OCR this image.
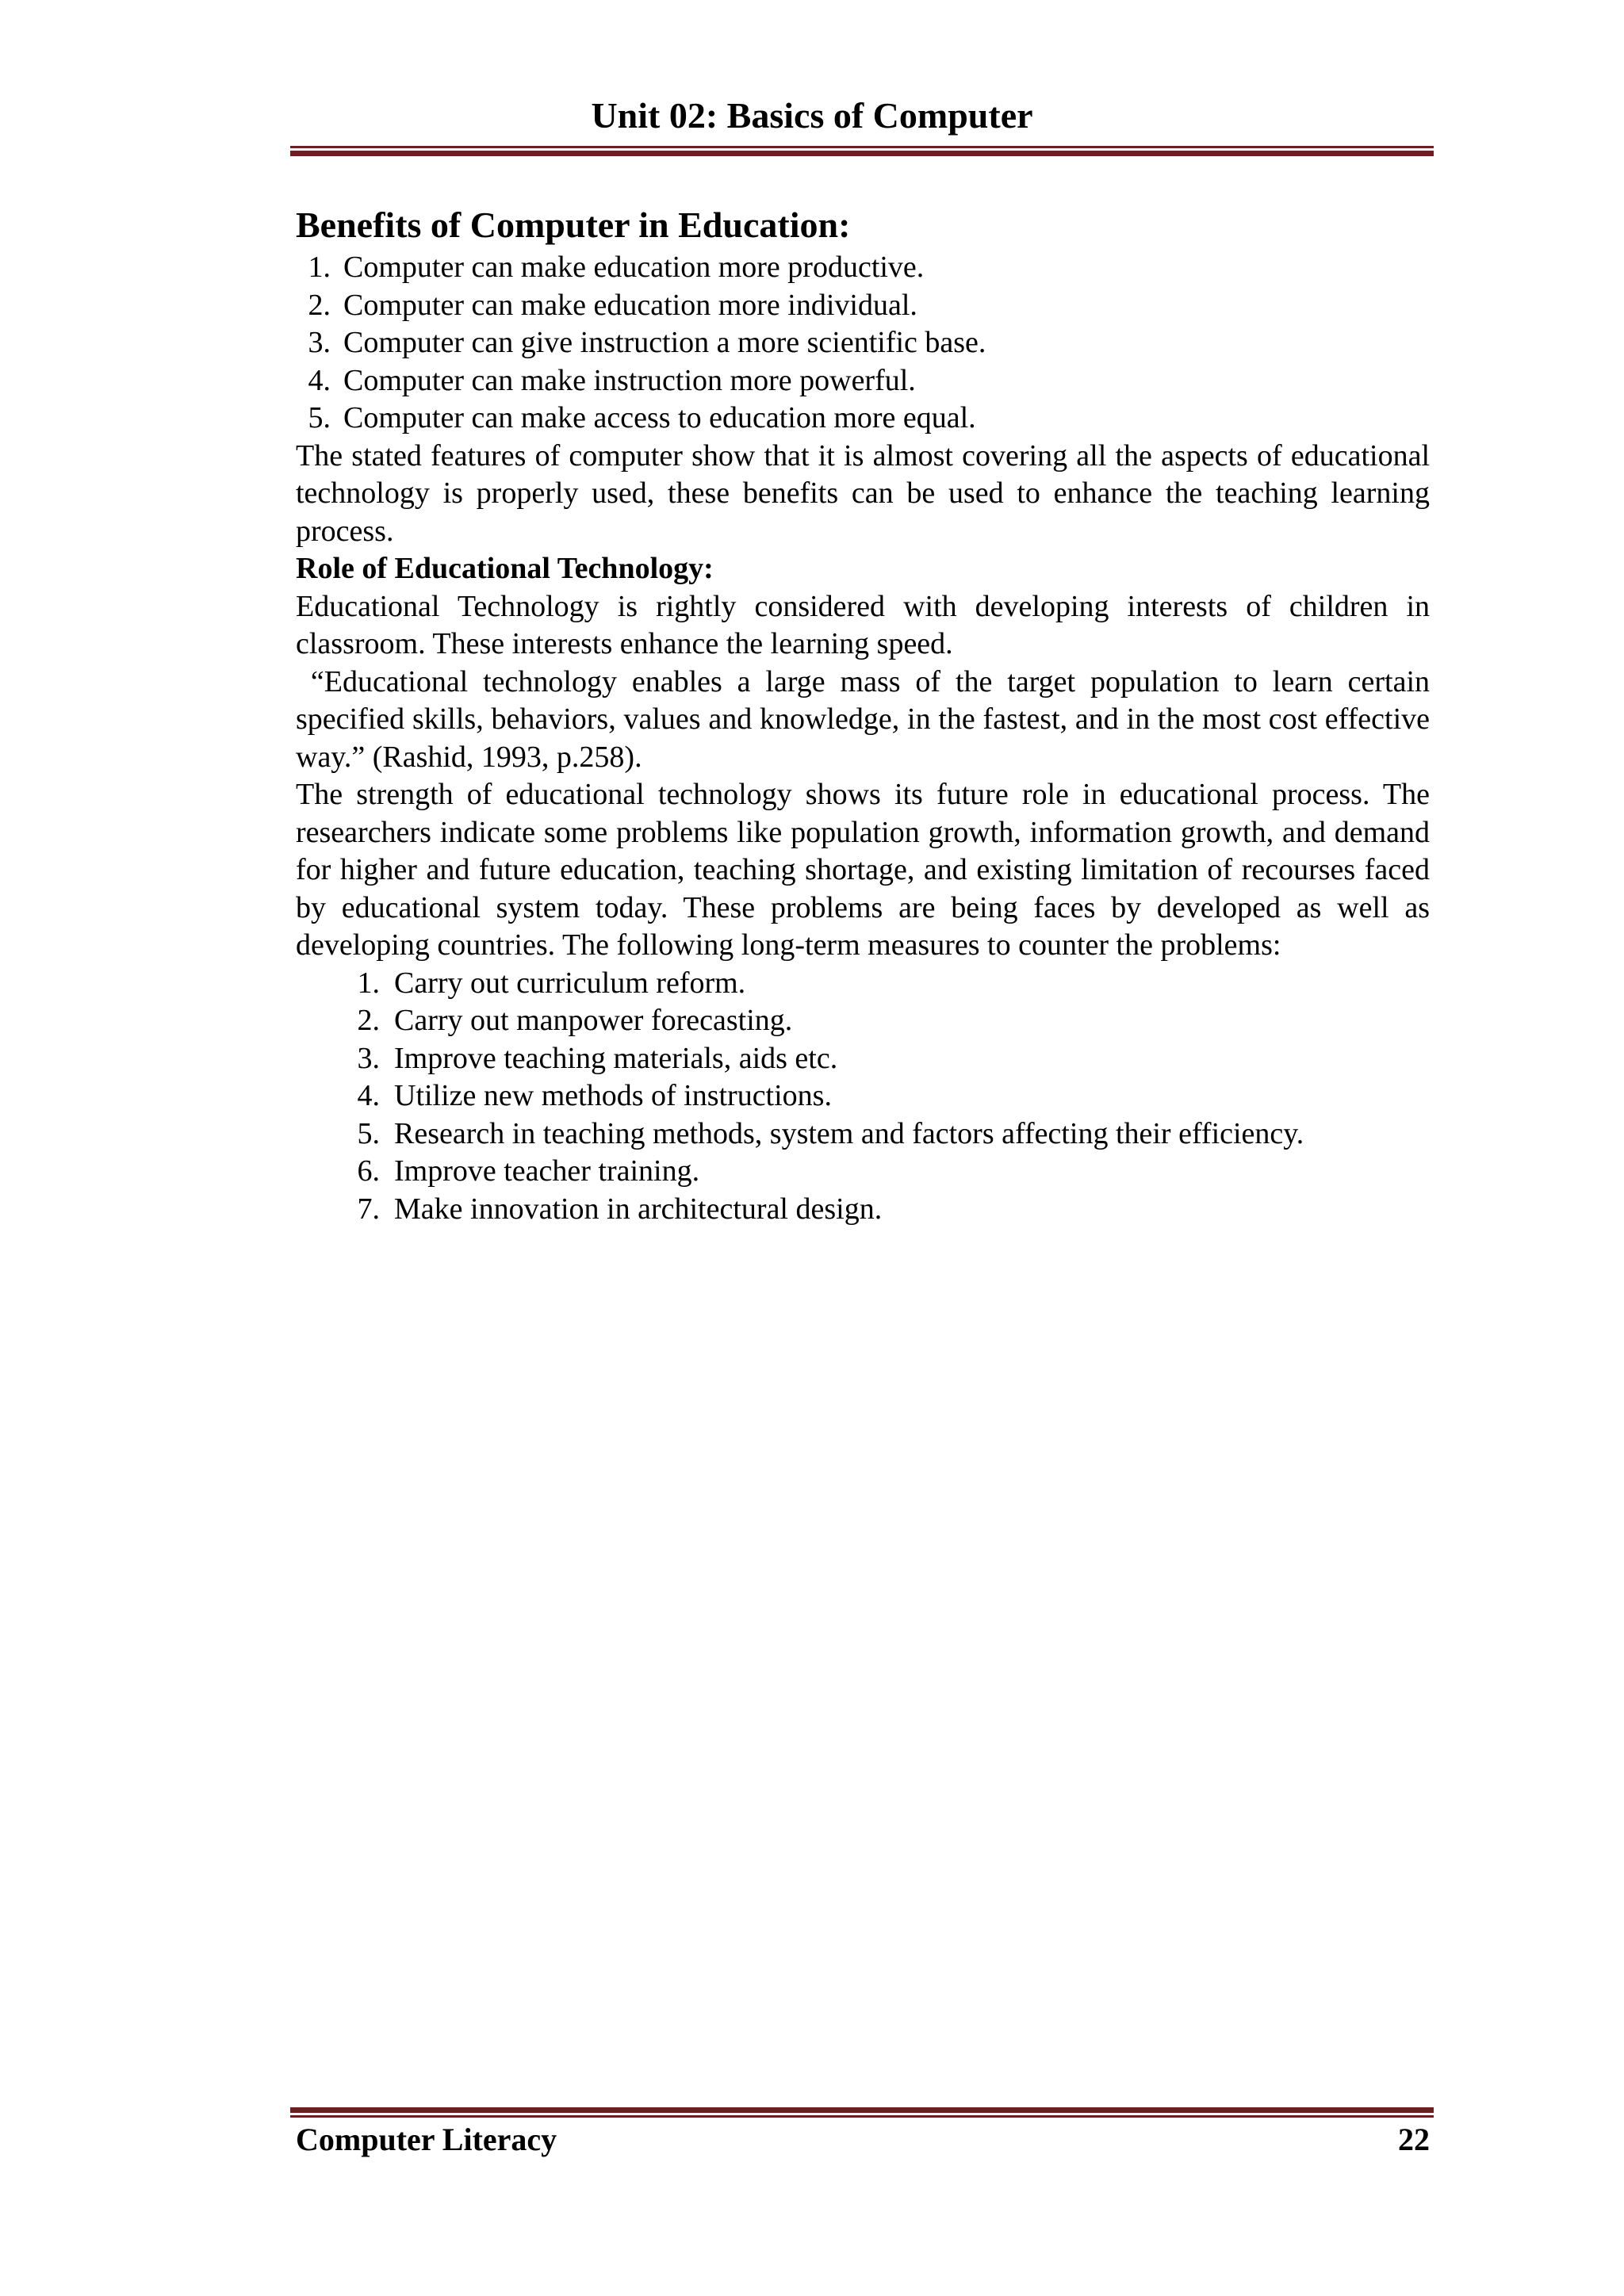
Unit 02: Basics of Computer
Benefits of Computer in Education:
1. Computer can make education more productive.
2. Computer can make education more individual.
3. Computer can give instruction a more scientific base.
4. Computer can make instruction more powerful.
5. Computer can make access to education more equal.

The stated features of computer show that it is almost covering all the aspects of educational technology is properly used, these benefits can be used to enhance the teaching learning process.

Role of Educational Technology:

Educational Technology is rightly considered with developing interests of children in classroom. These interests enhance the learning speed.

“Educational technology enables a large mass of the target population to learn certain specified skills, behaviors, values and knowledge, in the fastest, and in the most cost effective way.” (Rashid, 1993, p.258).

The strength of educational technology shows its future role in educational process. The researchers indicate some problems like population growth, information growth, and demand for higher and future education, teaching shortage, and existing limitation of recourses faced by educational system today. These problems are being faces by developed as well as developing countries. The following long-term measures to counter the problems:

1. Carry out curriculum reform.
2. Carry out manpower forecasting.
3. Improve teaching materials, aids etc.
4. Utilize new methods of instructions.
5. Research in teaching methods, system and factors affecting their efficiency.
6. Improve teacher training.
7. Make innovation in architectural design.

Computer Literacy	22
